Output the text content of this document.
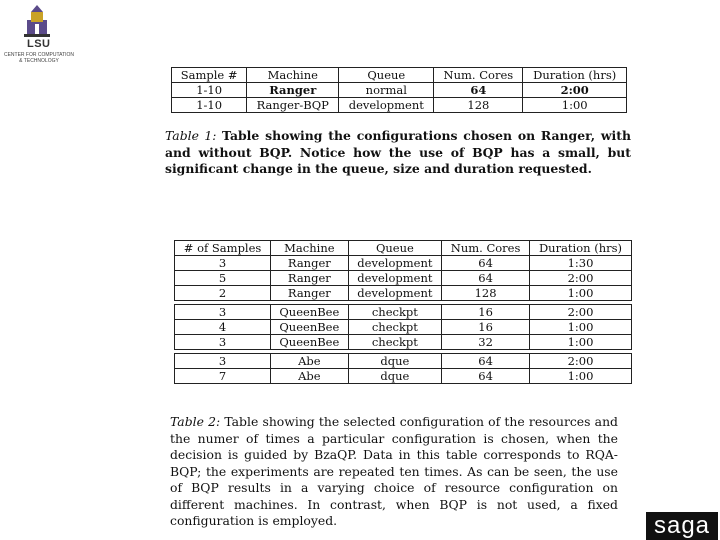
LSU
CENTER FOR COMPUTATION & TECHNOLOGY
Sample #	Machine	Queue	Num. Cores	Duration (hrs)
1-10	Ranger	normal	64	2:00
1-10	Ranger-BQP	development	128	1:00
Table 1: Table showing the configurations chosen on Ranger, with and without BQP. Notice how the use of BQP has a small, but significant change in the queue, size and duration requested.
# of Samples	Machine	Queue	Num. Cores	Duration (hrs)
3	Ranger	development	64	1:30
5	Ranger	development	64	2:00
2	Ranger	development	128	1:00

3	QueenBee	checkpt	16	2:00
4	QueenBee	checkpt	16	1:00
3	QueenBee	checkpt	32	1:00

3	Abe	dque	64	2:00
7	Abe	dque	64	1:00
Table 2: Table showing the selected configuration of the resources and the numer of times a particular configuration is chosen, when the decision is guided by BzaQP. Data in this table corresponds to RQA-BQP; the experiments are repeated ten times. As can be seen, the use of BQP results in a varying choice of resource configuration on different machines. In contrast, when BQP is not used, a fixed configuration is employed.	saga
